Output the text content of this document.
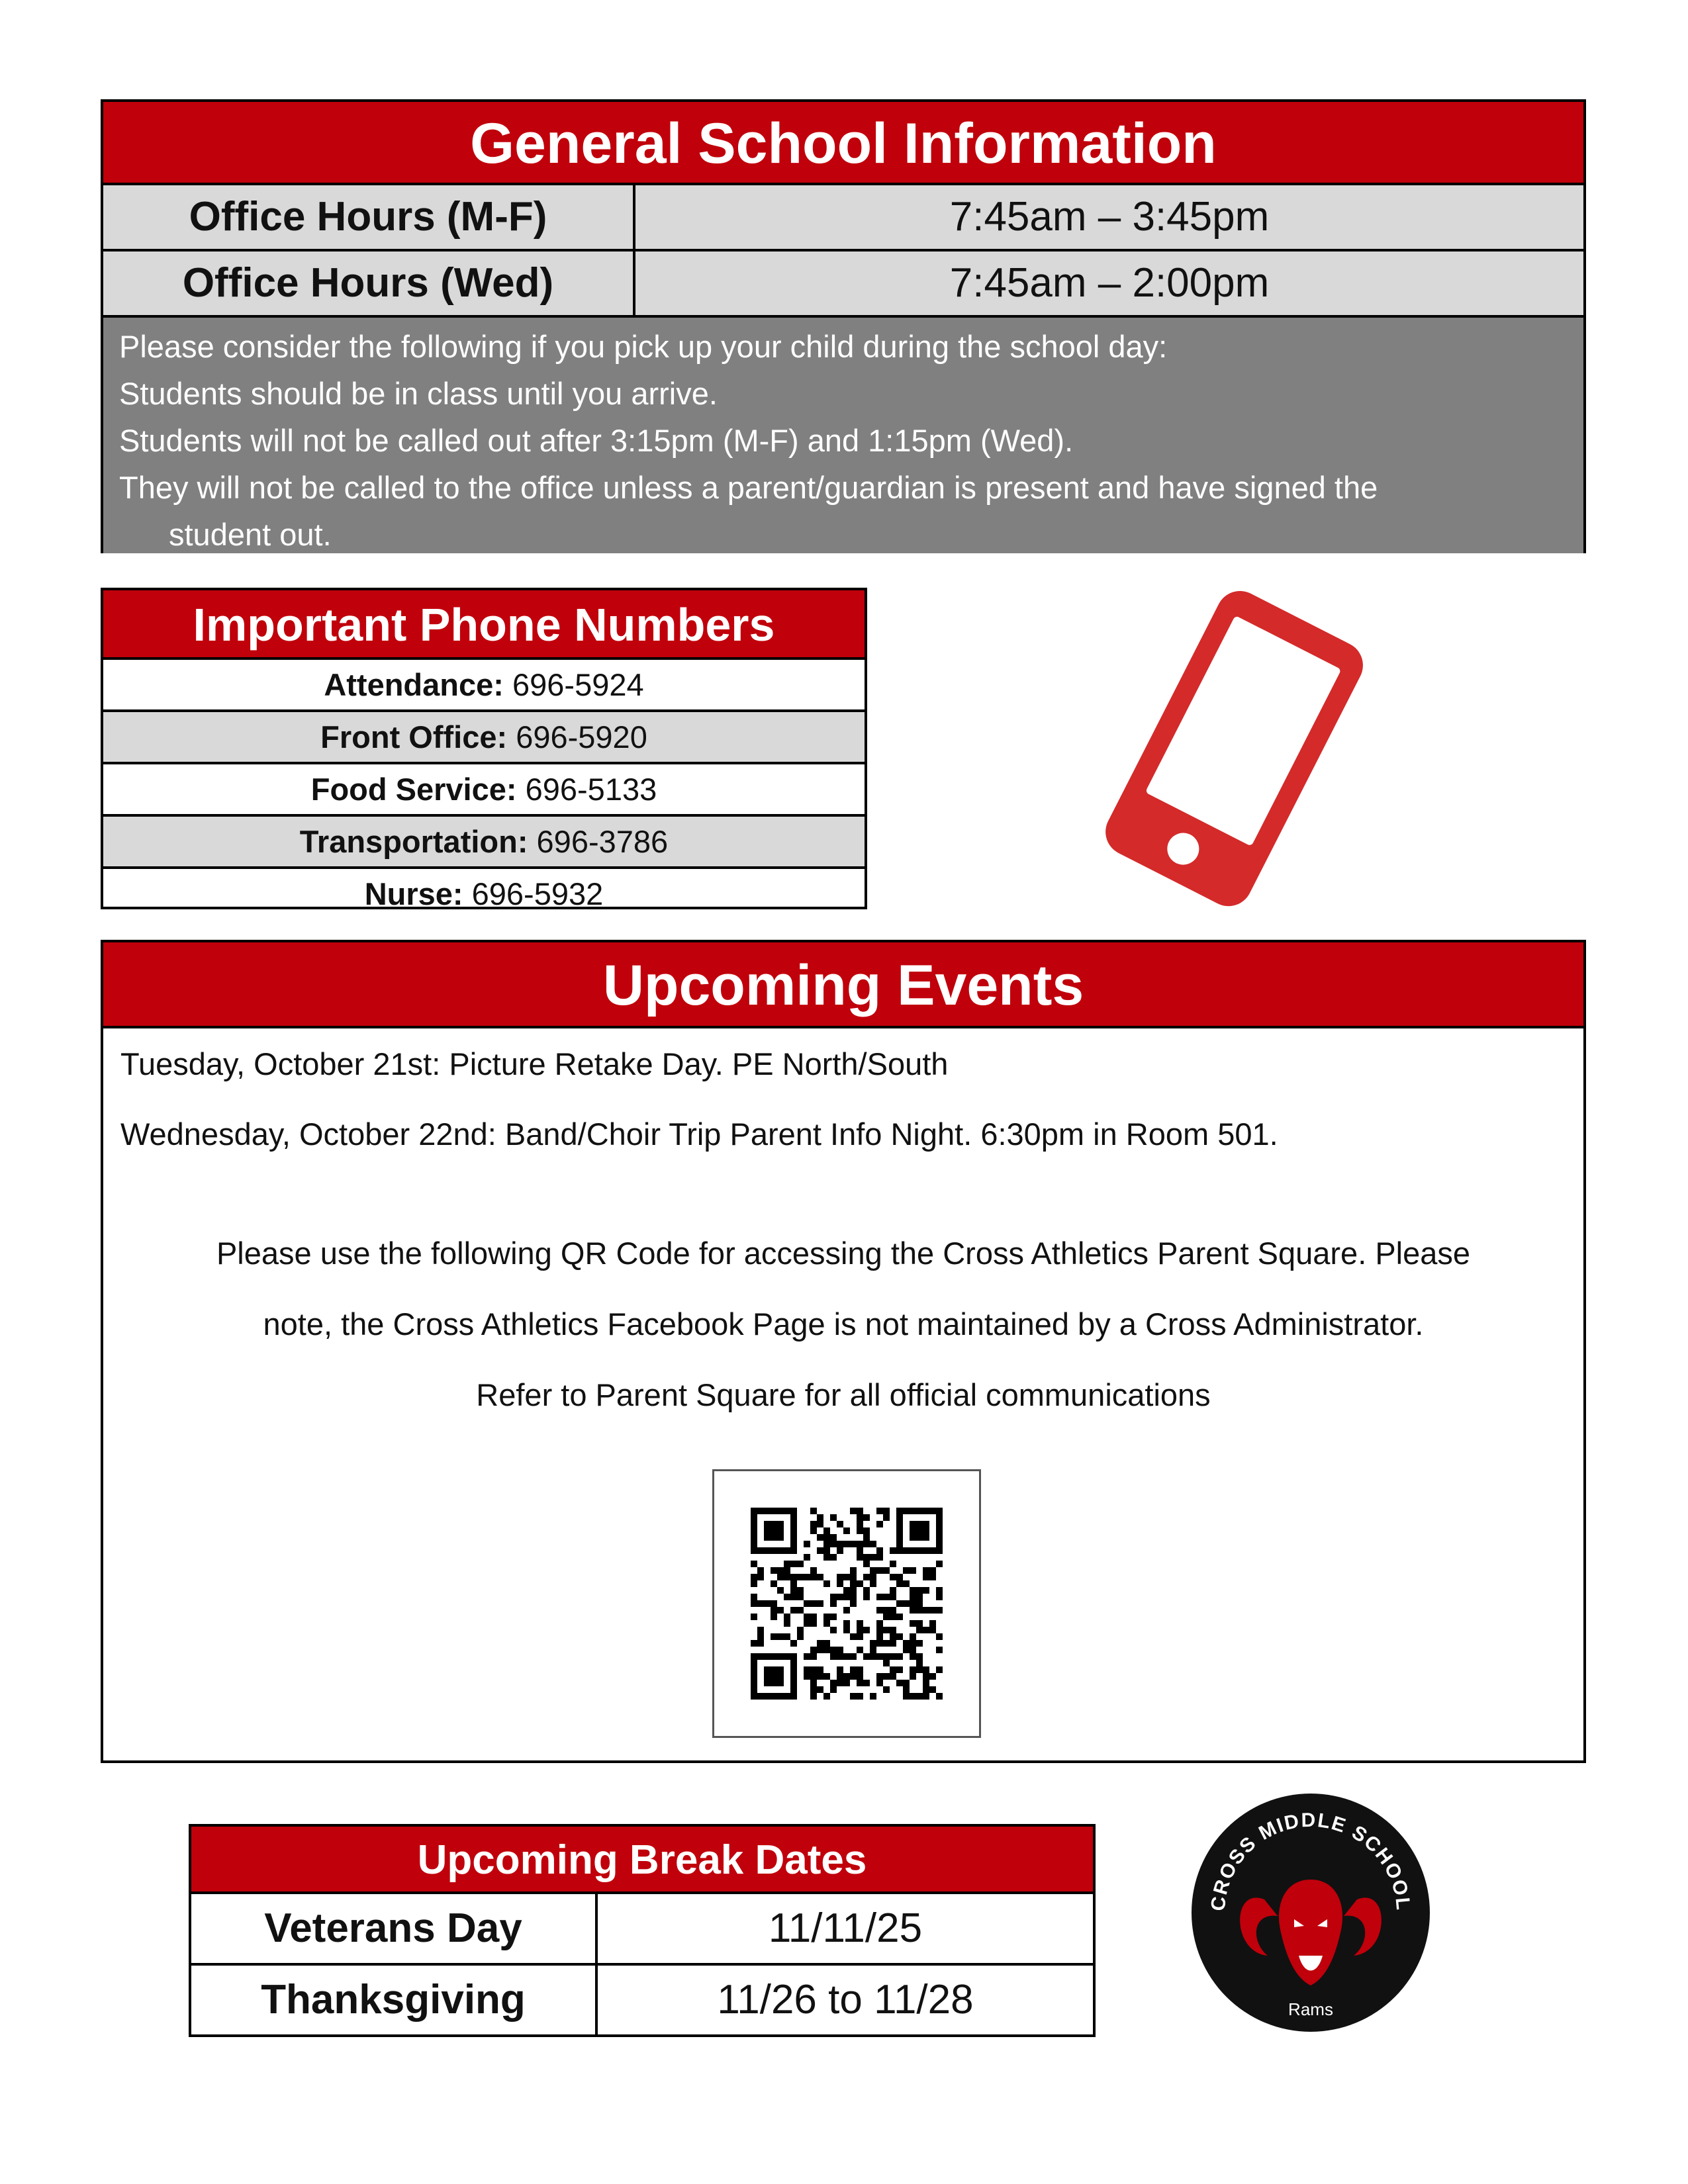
General School Information
Office Hours (M-F)	7:45am – 3:45pm
Office Hours (Wed)	7:45am – 2:00pm
Please consider the following if you pick up your child during the school day:
Students should be in class until you arrive.
Students will not be called out after 3:15pm (M-F) and 1:15pm (Wed).
They will not be called to the office unless a parent/guardian is present and have signed the
student out.
Important Phone Numbers
Attendance: 696-5924
Front Office: 696-5920
Food Service: 696-5133
Transportation: 696-3786
Nurse: 696-5932
Upcoming Events
Tuesday, October 21st: Picture Retake Day. PE North/South
Wednesday, October 22nd: Band/Choir Trip Parent Info Night. 6:30pm in Room 501.
Please use the following QR Code for accessing the Cross Athletics Parent Square. Please
note, the Cross Athletics Facebook Page is not maintained by a Cross Administrator.
Refer to Parent Square for all official communications
Upcoming Break Dates
Veterans Day	11/11/25
Thanksgiving	11/26 to 11/28
CROSS MIDDLE SCHOOL
Rams
